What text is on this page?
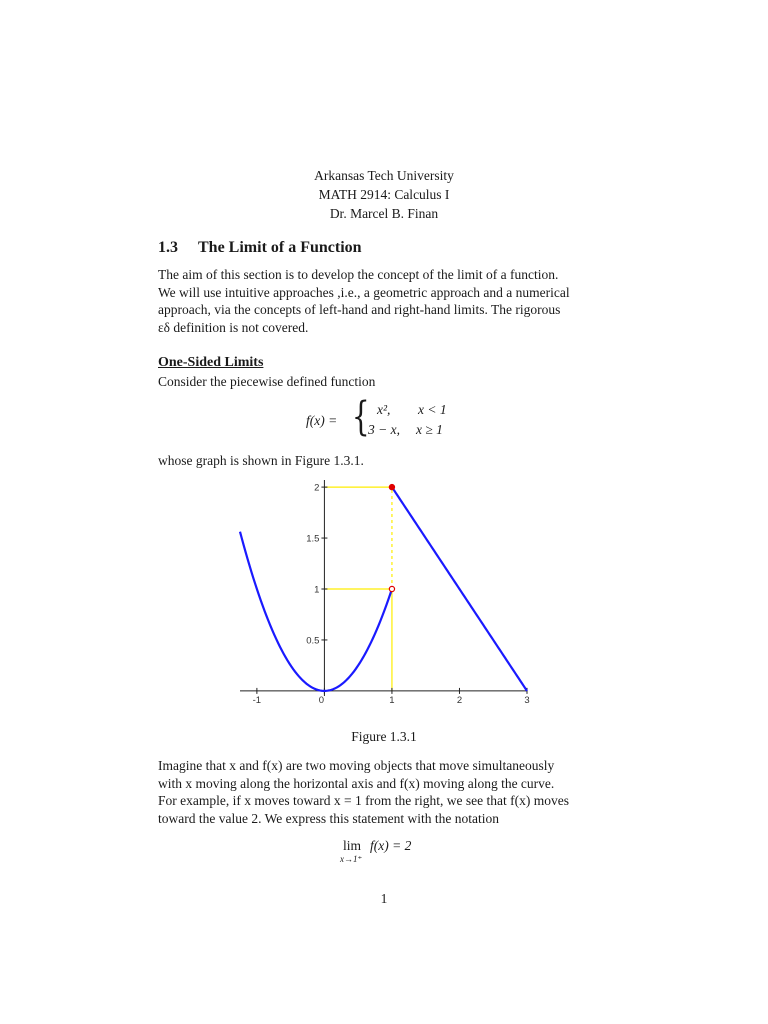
Arkansas Tech University
MATH 2914: Calculus I
Dr. Marcel B. Finan
1.3 The Limit of a Function
The aim of this section is to develop the concept of the limit of a function.
We will use intuitive approaches ,i.e., a geometric approach and a numerical
approach, via the concepts of left-hand and right-hand limits. The rigorous
εδ definition is not covered.
One-Sided Limits
Consider the piecewise defined function
f(x) = { x², x < 1
3 − x, x ≥ 1
whose graph is shown in Figure 1.3.1.
-1	0	1	2	3
0.5
1
1.5
2
Figure 1.3.1
Imagine that x and f(x) are two moving objects that move simultaneously
with x moving along the horizontal axis and f(x) moving along the curve.
For example, if x moves toward x = 1 from the right, we see that f(x) moves
toward the value 2. We express this statement with the notation
lim
x→1⁺
f(x) = 2
1
